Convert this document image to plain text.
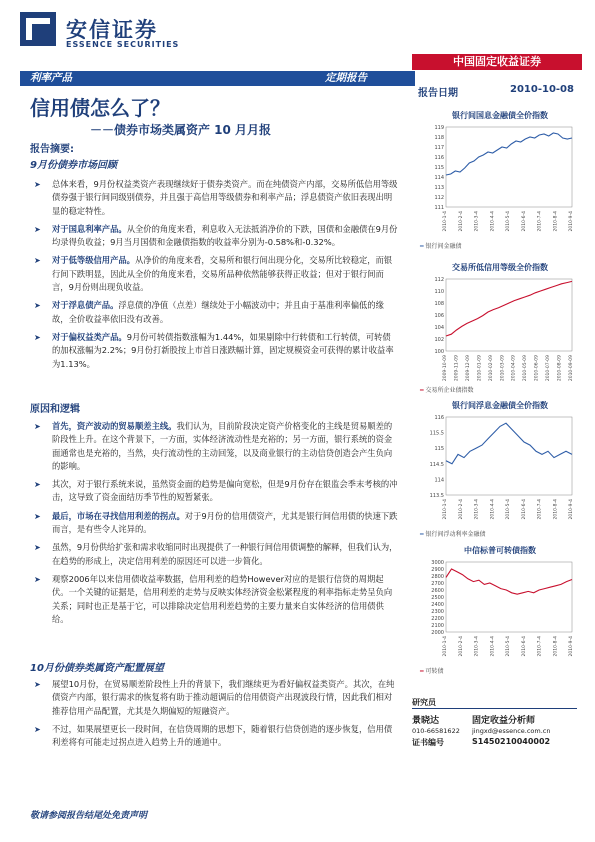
安信证券
ESSENCE SECURITIES
中国固定收益证券
利率产品	定期报告
报告日期	2010-10-08
信用债怎么了？
－－债券市场类属资产 10 月月报
报告摘要:
9月份债券市场回顾
➤ 总体来看，9月份权益类资产表现继续好于债券类资产。而在纯债资产内部，交易所低信用等级债券强于银行间同级别债券，并且强于高信用等级债券和利率产品；浮息债资产依旧表现出明显的稳定特性。
➤ 对于国息利率产品。从全价的角度来看，利息收入无法抵消净价的下跌，国债和金融债在9月份均录得负收益；9月当月国债和金融债指数的收益率分别为-0.58%和-0.32%。
➤ 对于低等级信用产品。从净价的角度来看，交易所和银行间出现分化，交易所比较稳定，而银行间下跌明显，因此从全价的角度来看，交易所品种依然能够获得正收益；但对于银行间而言，9月份则出现负收益。
➤ 对于浮息债产品。浮息债的净值（点差）继续处于小幅波动中；并且由于基准利率偏低的缘故，全价收益率依旧没有改善。
➤ 对于偏权益类产品。9月份可转债指数涨幅为1.44%，如果剔除中行转债和工行转债，可转债的加权涨幅为2.2%；9月份打新股按上市首日涨跌幅计算，固定规模资金可获得的累计收益率为1.13%。
原因和逻辑
➤ 首先，资产波动的贸易顺差主线。我们认为，目前阶段决定资产价格变化的主线是贸易顺差的阶段性上升。在这个背景下，一方面，实体经济流动性是充裕的；另一方面，银行系统的资金面通常也是充裕的，当然，央行流动性的主动回笼，以及商业银行的主动信贷创造会产生负向的影响。
➤ 其次，对于银行系统来说，虽然资金面的趋势是偏向宽松，但是9月份存在银监会季末考核的冲击，这导致了资金面结历季节性的短暂紧张。
➤ 最后，市场在寻找信用利差的拐点。对于9月份的信用债资产，尤其是银行间信用债的快速下跌而言，是有些令人诧异的。
➤ 虽然，9月份供给扩张和需求收缩同时出现提供了一种银行间信用债调整的解释，但我们认为，在趋势的形成上，决定信用利差的原因还可以进一步简化。
➤ 观察2006年以来信用债收益率数据，信用利差的趋势However对应的是银行信贷的周期起伏。一个关键的证据是，信用利差的走势与反映实体经济资金松紧程度的利率指标走势呈负向关系；同时也正是基于它，可以排除决定信用利差趋势的主要力量来自实体经济的信用债供给。
10月份债券类属资产配置展望
➤ 展望10月份，在贸易顺差阶段性上升的背景下，我们继续更为看好偏权益类资产。其次，在纯债资产内部，银行需求的恢复将有助于推动超调后的信用债资产出现波段行情，因此我们相对推荐信用产品配置，尤其是久期偏短的短融资产。
➤ 不过，如果展望更长一段时间，在信贷周期的思想下，随着银行信贷创造的逐步恢复，信用债利差将有可能走过拐点进入趋势上升的通道中。
银行间国息金融债全价指数
111
112
113
114
115
116
117
118
119
2010-1-4 2010-2-4 2010-3-4 2010-4-4 2010-5-4 2010-6-4 2010-7-4 2010-8-4 2010-9-4
━ 银行间金融债
交易所低信用等级全价指数
100
102
104
106
108
110
112
2009-10-09 2009-11-09 2009-12-09 2010-01-09 2010-02-09 2010-03-09 2010-04-09 2010-05-09 2010-06-09 2010-07-09 2010-08-09 2010-09-09
━ 交易所企业债指数
银行间浮息金融债全价指数
113.5
114
114.5
115
115.5
116
2010-1-4 2010-2-4 2010-3-4 2010-4-4 2010-5-4 2010-6-4 2010-7-4 2010-8-4 2010-9-4
━ 银行间浮动利率金融债
中信标普可转债指数
2000
2100
2200
2300
2400
2500
2600
2700
2800
2900
3000
2010-1-4 2010-2-4 2010-3-4 2010-4-4 2010-5-4 2010-6-4 2010-7-4 2010-8-4 2010-9-4
━ 可转债
研究员
景晓达	固定收益分析师
010-66581622 jingxd@essence.com.cn
证书编号	S1450210040002
敬请参阅报告结尾处免责声明
